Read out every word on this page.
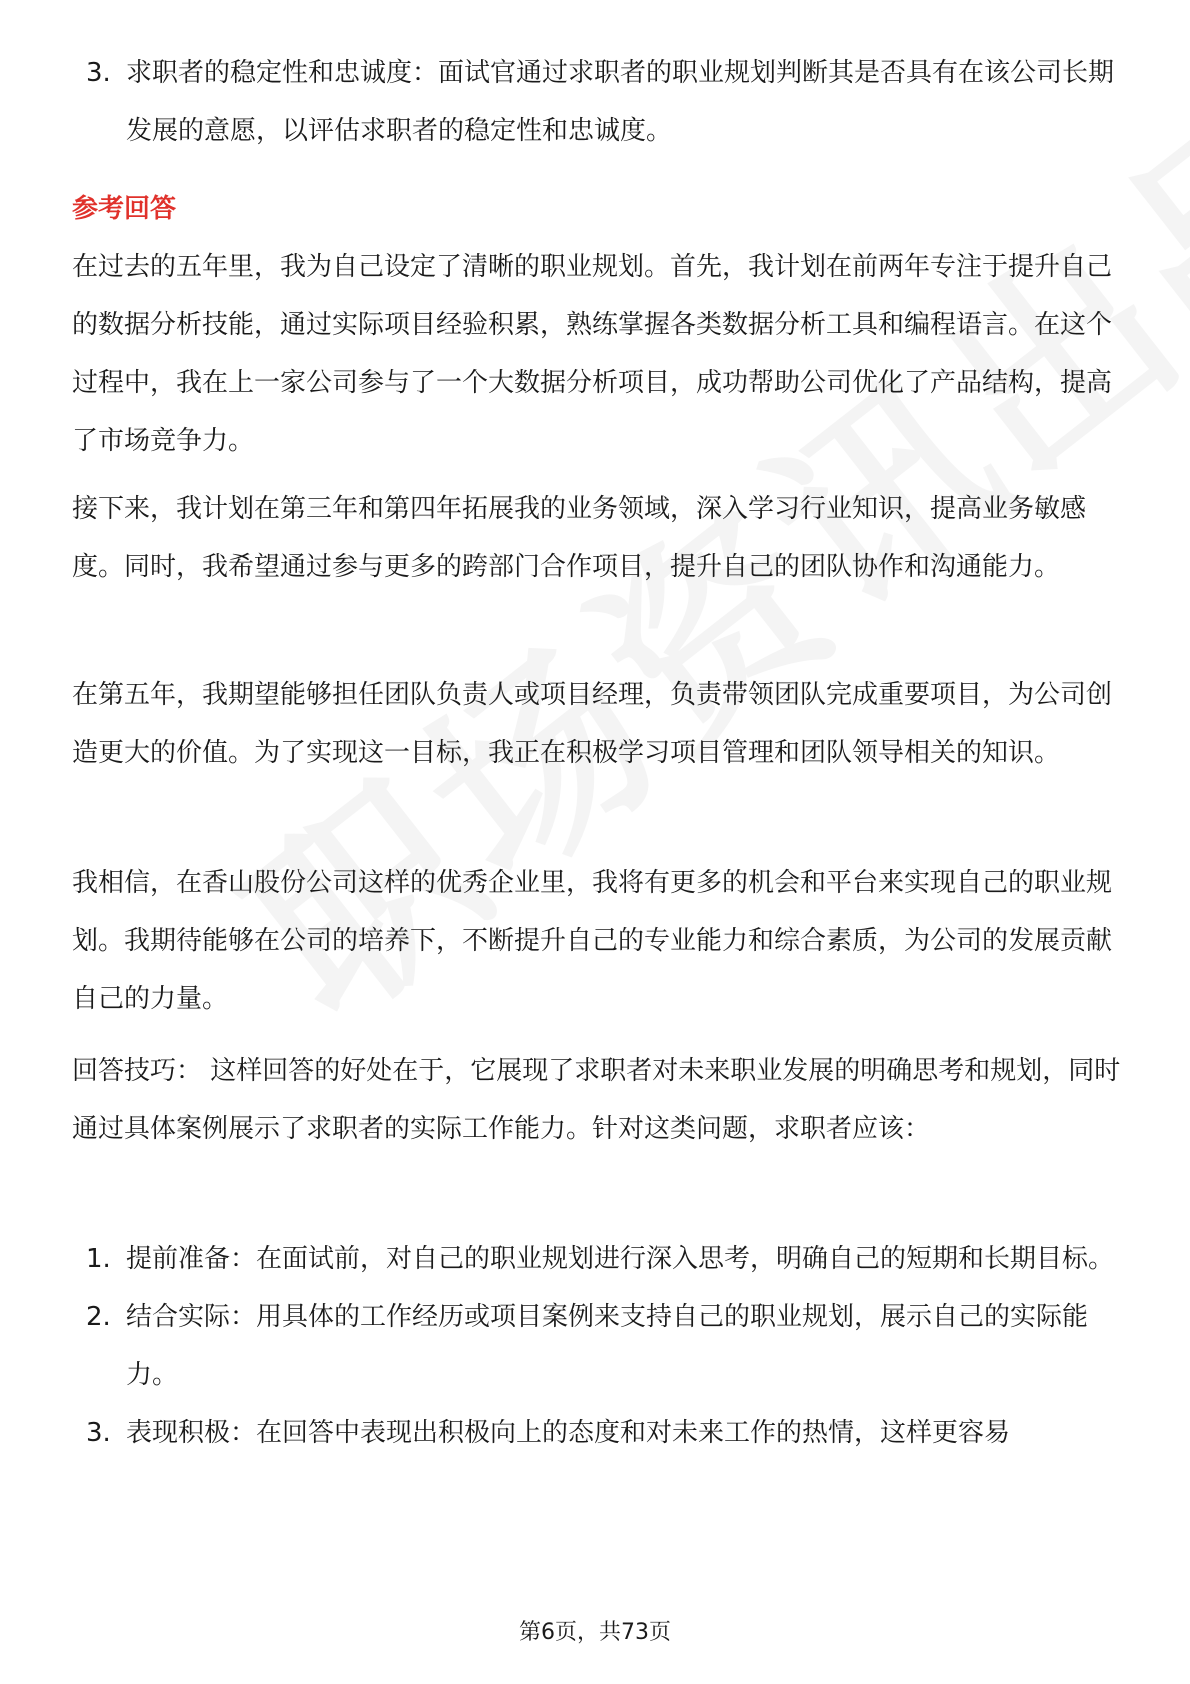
3. 求职者的稳定性和忠诚度：面试官通过求职者的职业规划判断其是否具有在该公司长期发展的意愿，以评估求职者的稳定性和忠诚度。
参考回答

在过去的五年里，我为自己设定了清晰的职业规划。首先，我计划在前两年专注于提升自己的数据分析技能，通过实际项目经验积累，熟练掌握各类数据分析工具和编程语言。在这个过程中，我在上一家公司参与了一个大数据分析项目，成功帮助公司优化了产品结构，提高了市场竞争力。

接下来，我计划在第三年和第四年拓展我的业务领域，深入学习行业知识，提高业务敏感度。同时，我希望通过参与更多的跨部门合作项目，提升自己的团队协作和沟通能力。

在第五年，我期望能够担任团队负责人或项目经理，负责带领团队完成重要项目，为公司创造更大的价值。为了实现这一目标，我正在积极学习项目管理和团队领导相关的知识。

我相信，在香山股份公司这样的优秀企业里，我将有更多的机会和平台来实现自己的职业规划。我期待能够在公司的培养下，不断提升自己的专业能力和综合素质，为公司的发展贡献自己的力量。

回答技巧： 这样回答的好处在于，它展现了求职者对未来职业发展的明确思考和规划，同时通过具体案例展示了求职者的实际工作能力。针对这类问题，求职者应该：

1. 提前准备：在面试前，对自己的职业规划进行深入思考，明确自己的短期和长期目标。
2. 结合实际：用具体的工作经历或项目案例来支持自己的职业规划，展示自己的实际能力。
3. 表现积极：在回答中表现出积极向上的态度和对未来工作的热情，这样更容易
第6页，共73页
